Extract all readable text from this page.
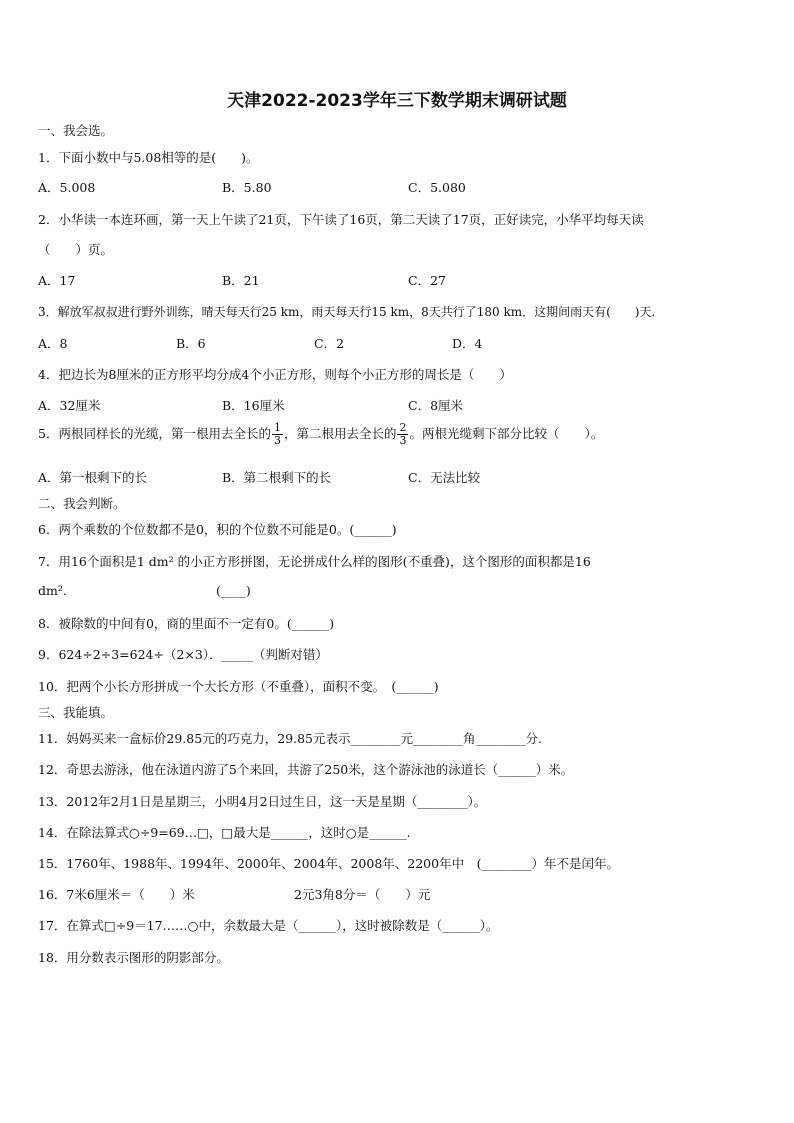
天津2022-2023学年三下数学期末调研试题
一、我会选。
1．下面小数中与5.08相等的是(　　)。
A．5.008	B．5.80	C．5.080
2．小华读一本连环画，第一天上午读了21页，下午读了16页，第二天读了17页，正好读完，小华平均每天读
（　　）页。
A．17	B．21	C．27
3．解放军叔叔进行野外训练，晴天每天行25 km，雨天每天行15 km，8天共行了180 km．这期间雨天有(　　)天.
A．8	B．6	C．2	D．4
4．把边长为8厘米的正方形平均分成4个小正方形，则每个小正方形的周长是（　　）
A．32厘米	B．16厘米	C．8厘米
5．两根同样长的光缆，第一根用去全长的 $\frac{1}{3}$ ，第二根用去全长的 $\frac{2}{3}$ 。两根光缆剩下部分比较（　　）。
A．第一根剩下的长	B．第二根剩下的长	C．无法比较
二、我会判断。
6．两个乘数的个位数都不是0，积的个位数不可能是0。(______)
7．用16个面积是1 dm² 的小正方形拼图，无论拼成什么样的图形(不重叠)，这个图形的面积都是16
dm².	(____)
8．被除数的中间有0，商的里面不一定有0。(______)
9．624÷2÷3=624÷（2×3）．_____（判断对错）
10．把两个小长方形拼成一个大长方形（不重叠），面积不变。　(______)
三、我能填。
11．妈妈买来一盒标价29.85元的巧克力，29.85元表示________元________角________分.
12．奇思去游泳，他在泳道内游了5个来回，共游了250米，这个游泳池的泳道长（______）米。
13．2012年2月1日是星期三，小明4月2日过生日，这一天是星期（________）。
14．在除法算式○÷9=69…□，□最大是______，这时○是______.
15．1760年、1988年、1994年、2000年、2004年、2008年、2200年中　(________）年不是闰年。
16．7米6厘米＝（　　）米	2元3角8分＝（　　）元
17．在算式□÷9＝17……○中，余数最大是（______），这时被除数是（______）。
18．用分数表示图形的阴影部分。
